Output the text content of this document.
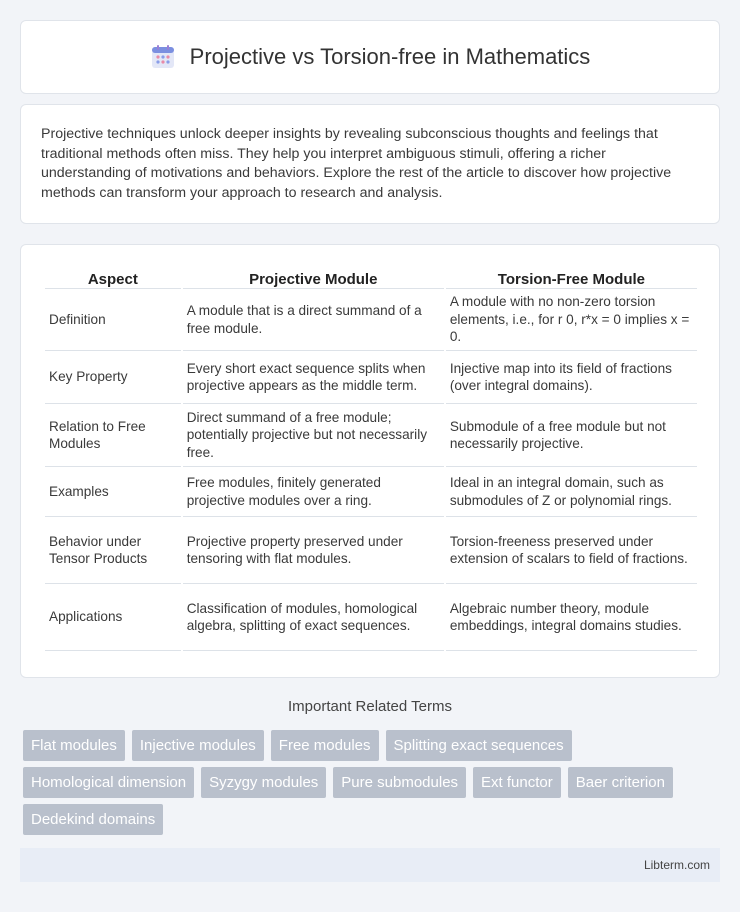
Projective vs Torsion-free in Mathematics

Projective techniques unlock deeper insights by revealing subconscious thoughts and feelings that traditional methods often miss. They help you interpret ambiguous stimuli, offering a richer understanding of motivations and behaviors. Explore the rest of the article to discover how projective methods can transform your approach to research and analysis.

Aspect	Projective Module	Torsion-Free Module
Definition	A module that is a direct summand of a free module.	A module with no non-zero torsion elements, i.e., for r 0, r*x = 0 implies x = 0.
Key Property	Every short exact sequence splits when projective appears as the middle term.	Injective map into its field of fractions (over integral domains).
Relation to Free Modules	Direct summand of a free module; potentially projective but not necessarily free.	Submodule of a free module but not necessarily projective.
Examples	Free modules, finitely generated projective modules over a ring.	Ideal in an integral domain, such as submodules of Z or polynomial rings.
Behavior under Tensor Products	Projective property preserved under tensoring with flat modules.	Torsion-freeness preserved under extension of scalars to field of fractions.
Applications	Classification of modules, homological algebra, splitting of exact sequences.	Algebraic number theory, module embeddings, integral domains studies.
Important Related Terms
Flat modules	Injective modules	Free modules	Splitting exact sequences
Homological dimension	Syzygy modules	Pure submodules	Ext functor	Baer criterion
Dedekind domains
Libterm.com
